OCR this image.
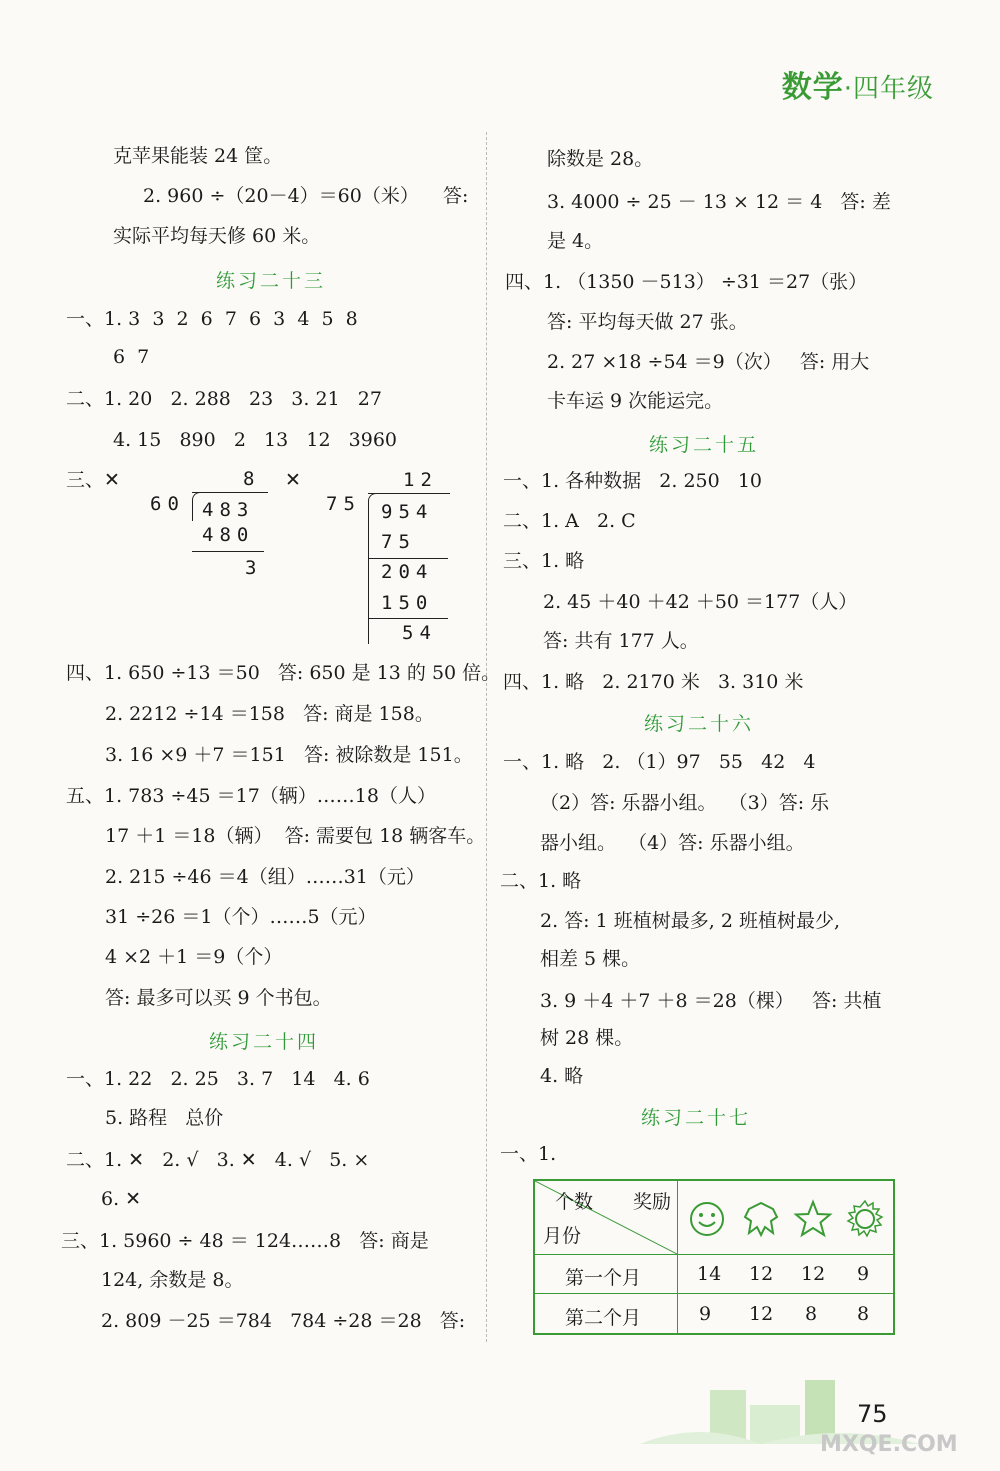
数学·四年级
克苹果能装 24 筐。
2. 960 ÷（20－4）＝60（米）    答:
实际平均每天修 60 米。
练习二十三
一、1. 3  3  2  6  7  6  3  4  5  8
6  7
二、1. 20   2. 288   23   3. 21   27
4. 15   890   2   13   12   3960
三、✕	✕
8
60 483
480
3
12
75 954
75
204
150
54
四、1. 650 ÷13 ＝50   答: 650 是 13 的 50 倍。
2. 2212 ÷14 ＝158   答: 商是 158。
3. 16 ×9 ＋7 ＝151   答: 被除数是 151。
五、1. 783 ÷45 ＝17（辆）……18（人）
17 ＋1 ＝18（辆）  答: 需要包 18 辆客车。
2. 215 ÷46 ＝4（组）……31（元）
31 ÷26 ＝1（个）……5（元）
4 ×2 ＋1 ＝9（个）
答: 最多可以买 9 个书包。
练习二十四
一、1. 22   2. 25   3. 7   14   4. 6
5. 路程   总价
二、1. ✕   2. √   3. ✕   4. √   5. ×
6. ✕
三、1. 5960 ÷ 48 ＝ 124……8   答: 商是
124, 余数是 8。
2. 809 －25 ＝784   784 ÷28 ＝28   答:
除数是 28。
3. 4000 ÷ 25 － 13 × 12 ＝ 4   答: 差
是 4。
四、1. （1350 －513） ÷31 ＝27（张）
答: 平均每天做 27 张。
2. 27 ×18 ÷54 ＝9（次）   答: 用大
卡车运 9 次能运完。
练习二十五
一、1. 各种数据   2. 250   10
二、1. A   2. C
三、1. 略
2. 45 ＋40 ＋42 ＋50 ＝177（人）
答: 共有 177 人。
四、1. 略   2. 2170 米   3. 310 米
练习二十六
一、1. 略   2. （1）97   55   42   4
（2）答: 乐器小组。  （3）答: 乐
器小组。  （4）答: 乐器小组。
二、1. 略
2. 答: 1 班植树最多, 2 班植树最少,
相差 5 棵。
3. 9 ＋4 ＋7 ＋8 ＝28（棵）   答: 共植
树 28 棵。
4. 略
练习二十七
一、1.
个数 奖励
月份
第一个月	14 12 12 9
第二个月	9 12 8 8
75
MXQE.COM
